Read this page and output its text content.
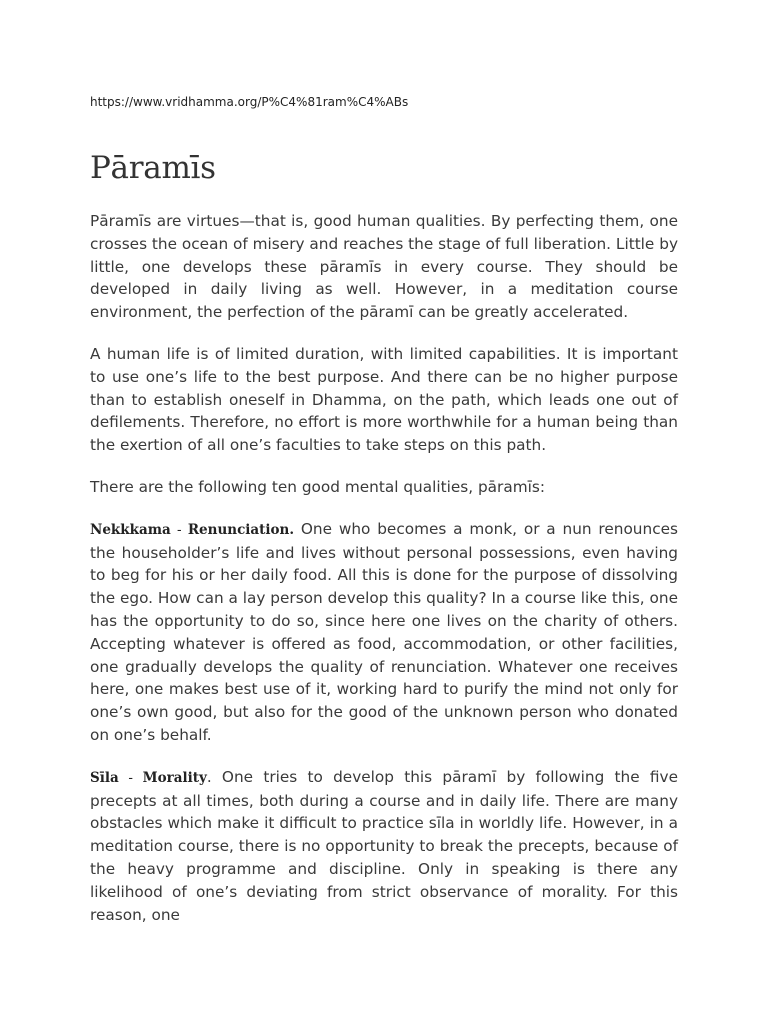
https://www.vridhamma.org/P%C4%81ram%C4%ABs
Pāramīs

Pāramīs are virtues—that is, good human qualities. By perfecting them, one crosses the ocean of misery and reaches the stage of full liberation. Little by little, one develops these pāramīs in every course. They should be developed in daily living as well. However, in a meditation course environment, the perfection of the pāramī can be greatly accelerated.

A human life is of limited duration, with limited capabilities. It is important to use one’s life to the best purpose. And there can be no higher purpose than to establish oneself in Dhamma, on the path, which leads one out of defilements. Therefore, no effort is more worthwhile for a human being than the exertion of all one’s faculties to take steps on this path.

There are the following ten good mental qualities, pāramīs:

Nekkkama - Renunciation. One who becomes a monk, or a nun renounces the householder’s life and lives without personal possessions, even having to beg for his or her daily food. All this is done for the purpose of dissolving the ego. How can a lay person develop this quality? In a course like this, one has the opportunity to do so, since here one lives on the charity of others. Accepting whatever is offered as food, accommodation, or other facilities, one gradually develops the quality of renunciation. Whatever one receives here, one makes best use of it, working hard to purify the mind not only for one’s own good, but also for the good of the unknown person who donated on one’s behalf.

Sīla - Morality. One tries to develop this pāramī by following the five precepts at all times, both during a course and in daily life. There are many obstacles which make it difficult to practice sīla in worldly life. However, in a meditation course, there is no opportunity to break the precepts, because of the heavy programme and discipline. Only in speaking is there any likelihood of one’s deviating from strict observance of morality. For this reason, one
